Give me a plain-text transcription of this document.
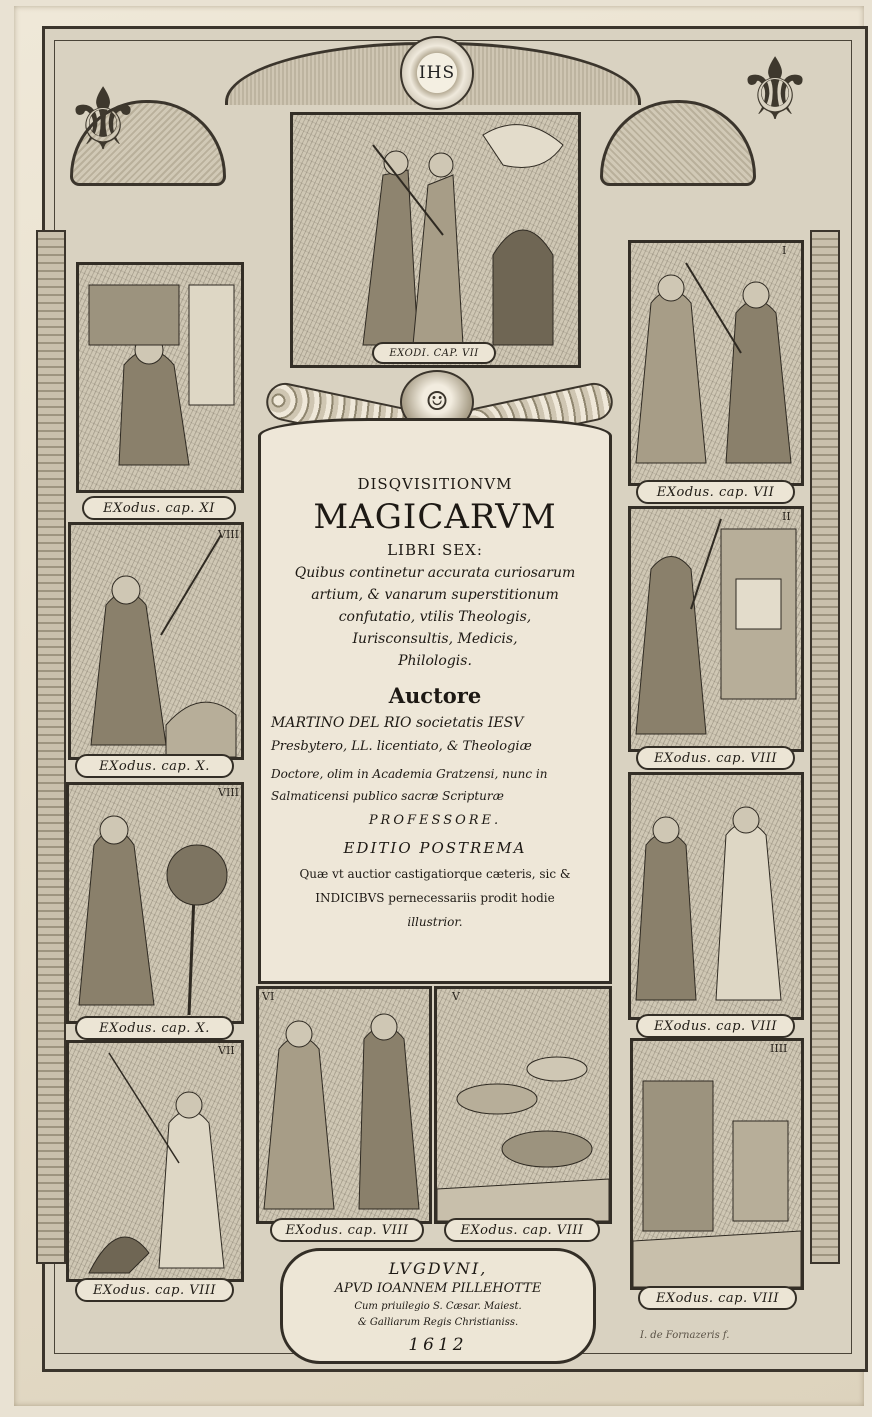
⚜	⚜
IHS
EXODI. CAP. VII
☺
EXodus. cap. XI
VIII
EXodus. cap. X.
VIII
EXodus. cap. X.
VII
EXodus. cap. VIII
I
EXodus. cap. VII
II
EXodus. cap. VIII
EXodus. cap. VIII
IIII
EXodus. cap. VIII
DISQVISITIONVM
MAGICARVM
LIBRI SEX:
Quibus continetur accurata curiosarum
artium, & vanarum superstitionum
confutatio, vtilis Theologis,
Iurisconsultis, Medicis,
Philologis.
Auctore
MARTINO DEL RIO societatis IESV
Presbytero, LL. licentiato, & Theologiæ
Doctore, olim in Academia Gratzensi, nunc in
Salmaticensi publico sacræ Scripturæ
PROFESSORE.
EDITIO POSTREMA
Quæ vt auctior castigatiorque cæteris, sic &
INDICIBVS pernecessariis prodit hodie
illustrior.
VI
EXodus. cap. VIII
V
EXodus. cap. VIII
LVGDVNI,
APVD IOANNEM PILLEHOTTE
Cum priuilegio S. Cæsar. Maiest.
& Galliarum Regis Christianiss.
1612	I. de Fornazeris f.
